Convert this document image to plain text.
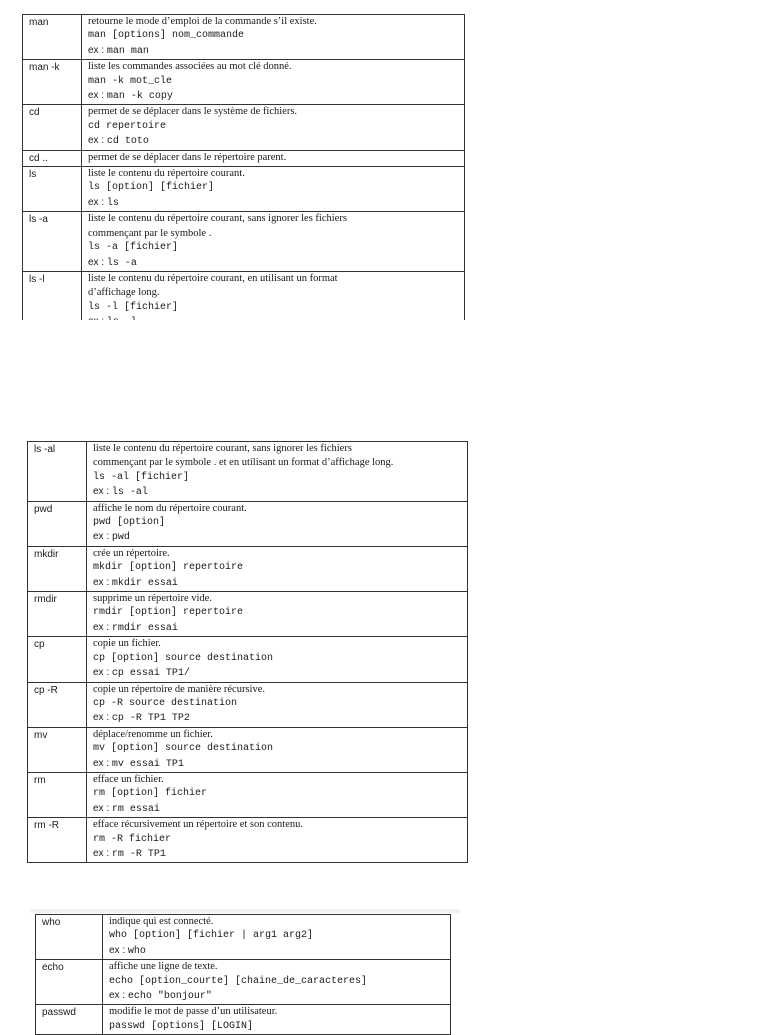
man	retourne le mode d’emploi de la commande s’il existe.
man [options] nom_commande
ex : man man

man -k	liste les commandes associées au mot clé donné.
man -k mot_cle
ex : man -k copy

cd	permet de se déplacer dans le système de fichiers.
cd repertoire
ex : cd toto

cd ..	permet de se déplacer dans le répertoire parent.

ls	liste le contenu du répertoire courant.
ls [option] [fichier]
ex : ls

ls -a	liste le contenu du répertoire courant, sans ignorer les fichiers
commençant par le symbole .
ls -a [fichier]
ex : ls -a

ls -l	liste le contenu du répertoire courant, en utilisant un format
d’affichage long.
ls -l [fichier]
ls -al	liste le contenu du répertoire courant, sans ignorer les fichiers
commençant par le symbole . et en utilisant un format d’affichage long.
ls -al [fichier]
ex : ls -al

pwd	affiche le nom du répertoire courant.
pwd [option]
ex : pwd

mkdir	crée un répertoire.
mkdir [option] repertoire
ex : mkdir essai

rmdir	supprime un répertoire vide.
rmdir [option] repertoire
ex : rmdir essai

cp	copie un fichier.
cp [option] source destination
ex : cp essai TP1/

cp -R	copie un répertoire de manière récursive.
cp -R source destination
ex : cp -R TP1 TP2

mv	déplace/renomme un fichier.
mv [option] source destination
ex : mv essai TP1

rm	efface un fichier.
rm [option] fichier
ex : rm essai

rm -R	efface récursivement un répertoire et son contenu.
rm -R fichier
ex : rm -R TP1
who	indique qui est connecté.
who [option] [fichier | arg1 arg2]
ex : who

echo	affiche une ligne de texte.
echo [option_courte] [chaine_de_caracteres]
ex : echo "bonjour"

passwd	modifie le mot de passe d’un utilisateur.
passwd [options] [LOGIN]
